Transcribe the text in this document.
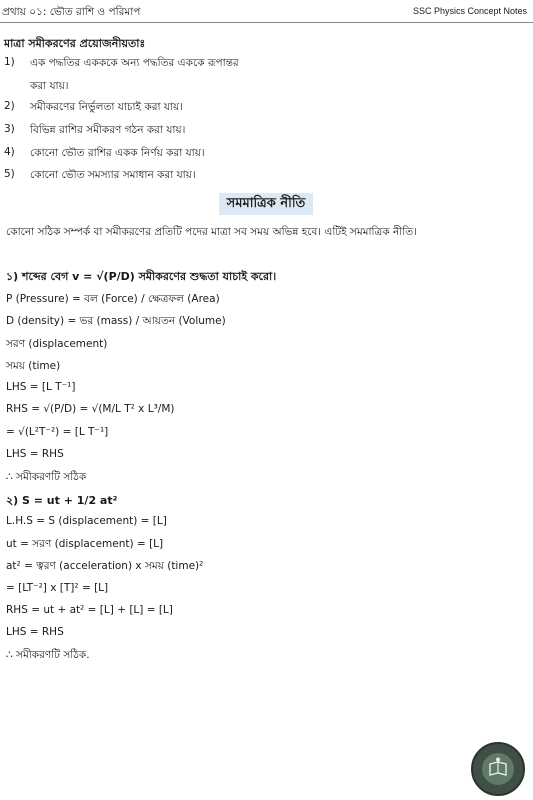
প্রথায় ০১: ভৌত রাশি ও পরিমাপ	SSC Physics Concept Notes
মাত্রা সমীকরণের প্রয়োজনীয়তাঃ
1) এক পদ্ধতির একককে অন্য পদ্ধতির এককে রূপান্তর
করা যায়।
2) সমীকরণের নির্ভুলতা যাচাই করা যায়।
3) বিভিন্ন রাশির সমীকরণ গঠন করা যায়।
4) কোনো ভৌত রাশির একক নির্ণয় করা যায়।
5) কোনো ভৌত সমস্যার সমাধান করা যায়।
সমমাত্রিক নীতি
কোনো সঠিক সম্পর্ক বা সমীকরণের প্রতিটি পদের মাত্রা সব সময় অভিন্ন হবে। এটিই সমমাত্রিক নীতি।
১) শব্দের বেগ v = √(P/D) সমীকরণের শুদ্ধতা যাচাই করো।
P (Pressure) = বল (Force) / ক্ষেত্রফল (Area)
D (density) = ভর (mass) / আয়তন (Volume)
সরণ (displacement)
সময় (time)
LHS = [L T⁻¹]
RHS = √(P/D) = √(M/L T² x L³/M)
= √(L²T⁻²) = [L T⁻¹]
LHS = RHS
∴ সমীকরণটি সঠিক
২) S = ut + 1/2 at²
L.H.S = S (displacement) = [L]
ut = সরণ (displacement) = [L]
at² = ত্বরণ (acceleration) x সময় (time)²
= [LT⁻²] x [T]² = [L]
RHS = ut + at² = [L] + [L] = [L]
LHS = RHS
∴ সমীকরণটি সঠিক.
